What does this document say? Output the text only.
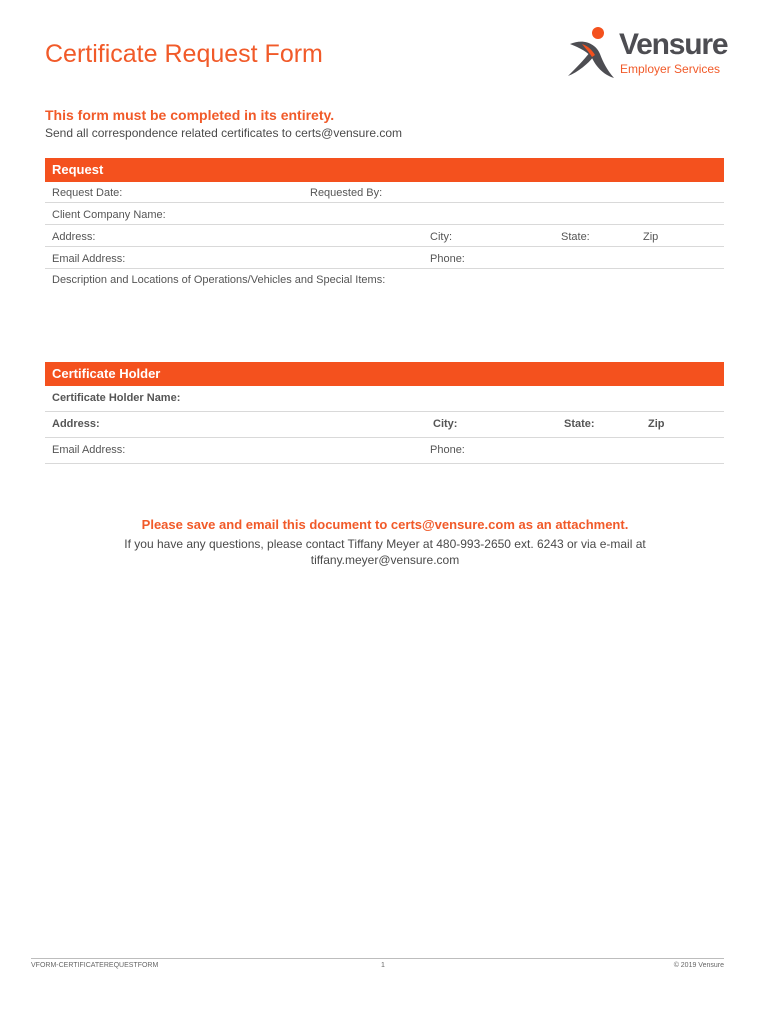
Certificate Request Form	Vensure
Employer Services
This form must be completed in its entirety.
Send all correspondence related certificates to certs@vensure.com
Request
Request Date:	Requested By:
Client Company Name:
Address:	City:	State:	Zip
Email Address:	Phone:
Description and Locations of Operations/Vehicles and Special Items:
Certificate Holder
Certificate Holder Name:
Address:	City:	State:	Zip
Email Address:	Phone:
Please save and email this document to certs@vensure.com as an attachment.
If you have any questions, please contact Tiffany Meyer at 480-993-2650 ext. 6243 or via e-mail at
tiffany.meyer@vensure.com
VFORM-CERTIFICATEREQUESTFORM	1	© 2019 Vensure
